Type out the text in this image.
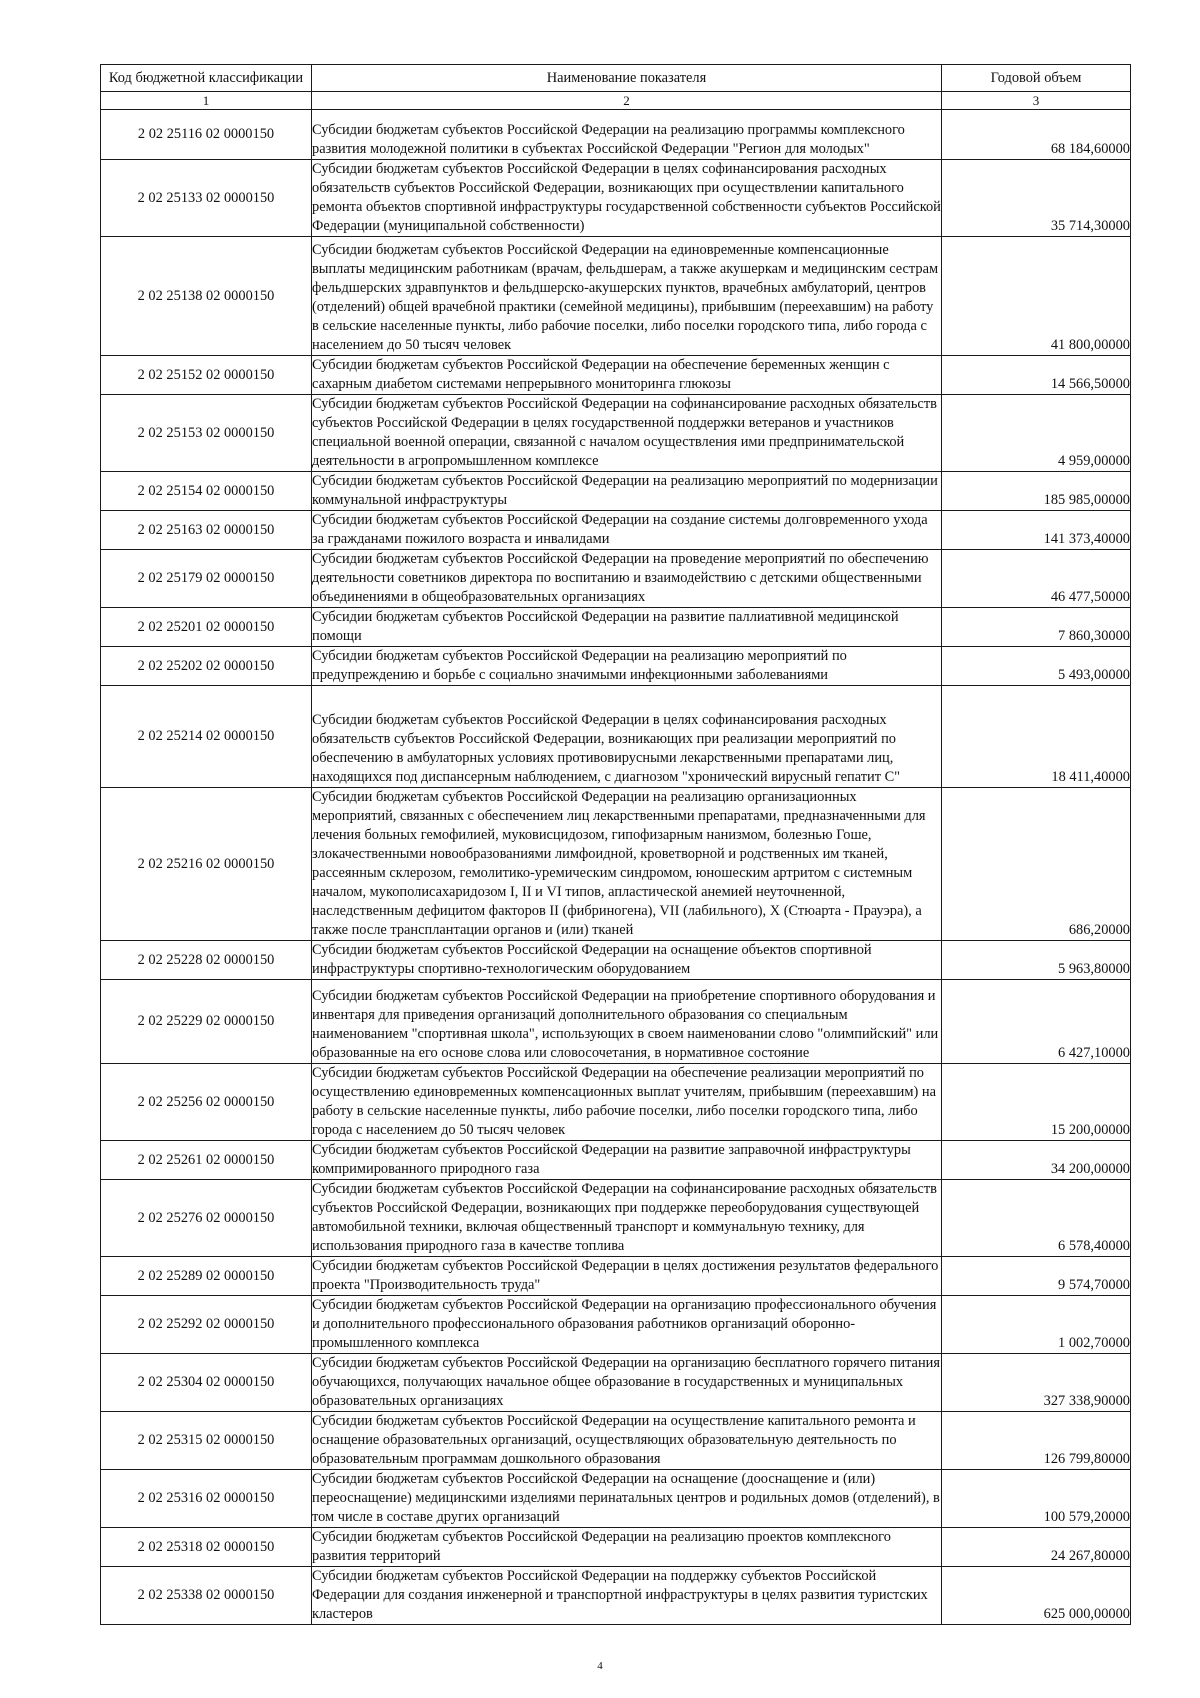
Код бюджетной классификации	Наименование показателя	Годовой объем
1	2	3
2 02 25116 02 0000150	Субсидии бюджетам субъектов Российской Федерации на реализацию программы комплексного развития молодежной политики в субъектах Российской Федерации "Регион для молодых"	68 184,60000
2 02 25133 02 0000150	Субсидии бюджетам субъектов Российской Федерации в целях софинансирования расходных обязательств субъектов Российской Федерации, возникающих при осуществлении капитального ремонта объектов спортивной инфраструктуры государственной собственности субъектов Российской Федерации (муниципальной собственности)	35 714,30000
2 02 25138 02 0000150	Субсидии бюджетам субъектов Российской Федерации на единовременные компенсационные выплаты медицинским работникам (врачам, фельдшерам, а также акушеркам и медицинским сестрам фельдшерских здравпунктов и фельдшерско-акушерских пунктов, врачебных амбулаторий, центров (отделений) общей врачебной практики (семейной медицины), прибывшим (переехавшим) на работу в сельские населенные пункты, либо рабочие поселки, либо поселки городского типа, либо города с населением до 50 тысяч человек	41 800,00000
2 02 25152 02 0000150	Субсидии бюджетам субъектов Российской Федерации на обеспечение беременных женщин с сахарным диабетом системами непрерывного мониторинга глюкозы	14 566,50000
2 02 25153 02 0000150	Субсидии бюджетам субъектов Российской Федерации на софинансирование расходных обязательств субъектов Российской Федерации в целях государственной поддержки ветеранов и участников специальной военной операции, связанной с началом осуществления ими предпринимательской деятельности в агропромышленном комплексе	4 959,00000
2 02 25154 02 0000150	Субсидии бюджетам субъектов Российской Федерации на реализацию мероприятий по модернизации коммунальной инфраструктуры	185 985,00000
2 02 25163 02 0000150	Субсидии бюджетам субъектов Российской Федерации на создание системы долговременного ухода за гражданами пожилого возраста и инвалидами	141 373,40000
2 02 25179 02 0000150	Субсидии бюджетам субъектов Российской Федерации на проведение мероприятий по обеспечению деятельности советников директора по воспитанию и взаимодействию с детскими общественными объединениями в общеобразовательных организациях	46 477,50000
2 02 25201 02 0000150	Субсидии бюджетам субъектов Российской Федерации на развитие паллиативной медицинской помощи	7 860,30000
2 02 25202 02 0000150	Субсидии бюджетам субъектов Российской Федерации на реализацию мероприятий по предупреждению и борьбе с социально значимыми инфекционными заболеваниями	5 493,00000
2 02 25214 02 0000150	Субсидии бюджетам субъектов Российской Федерации в целях софинансирования расходных обязательств субъектов Российской Федерации, возникающих при реализации мероприятий по обеспечению в амбулаторных условиях противовирусными лекарственными препаратами лиц, находящихся под диспансерным наблюдением, с диагнозом "хронический вирусный гепатит С"	18 411,40000
2 02 25216 02 0000150	Субсидии бюджетам субъектов Российской Федерации на реализацию организационных мероприятий, связанных с обеспечением лиц лекарственными препаратами, предназначенными для лечения больных гемофилией, муковисцидозом, гипофизарным нанизмом, болезнью Гоше, злокачественными новообразованиями лимфоидной, кроветворной и родственных им тканей, рассеянным склерозом, гемолитико-уремическим синдромом, юношеским артритом с системным началом, мукополисахаридозом I, II и VI типов, апластической анемией неуточненной, наследственным дефицитом факторов II (фибриногена), VII (лабильного), X (Стюарта - Прауэра), а также после трансплантации органов и (или) тканей	686,20000
2 02 25228 02 0000150	Субсидии бюджетам субъектов Российской Федерации на оснащение объектов спортивной инфраструктуры спортивно-технологическим оборудованием	5 963,80000
2 02 25229 02 0000150	Субсидии бюджетам субъектов Российской Федерации на приобретение спортивного оборудования и инвентаря для приведения организаций дополнительного образования со специальным наименованием "спортивная школа", использующих в своем наименовании слово "олимпийский" или образованные на его основе слова или словосочетания, в нормативное состояние	6 427,10000
2 02 25256 02 0000150	Субсидии бюджетам субъектов Российской Федерации на обеспечение реализации мероприятий по осуществлению единовременных компенсационных выплат учителям, прибывшим (переехавшим) на работу в сельские населенные пункты, либо рабочие поселки, либо поселки городского типа, либо города с населением до 50 тысяч человек	15 200,00000
2 02 25261 02 0000150	Субсидии бюджетам субъектов Российской Федерации на развитие заправочной инфраструктуры компримированного природного газа	34 200,00000
2 02 25276 02 0000150	Субсидии бюджетам субъектов Российской Федерации на софинансирование расходных обязательств субъектов Российской Федерации, возникающих при поддержке переоборудования существующей автомобильной техники, включая общественный транспорт и коммунальную технику, для использования природного газа в качестве топлива	6 578,40000
2 02 25289 02 0000150	Субсидии бюджетам субъектов Российской Федерации в целях достижения результатов федерального проекта "Производительность труда"	9 574,70000
2 02 25292 02 0000150	Субсидии бюджетам субъектов Российской Федерации на организацию профессионального обучения и дополнительного профессионального образования работников организаций оборонно-промышленного комплекса	1 002,70000
2 02 25304 02 0000150	Субсидии бюджетам субъектов Российской Федерации на организацию бесплатного горячего питания обучающихся, получающих начальное общее образование в государственных и муниципальных образовательных организациях	327 338,90000
2 02 25315 02 0000150	Субсидии бюджетам субъектов Российской Федерации на осуществление капитального ремонта и оснащение образовательных организаций, осуществляющих образовательную деятельность по образовательным программам дошкольного образования	126 799,80000
2 02 25316 02 0000150	Субсидии бюджетам субъектов Российской Федерации на оснащение (дооснащение и (или) переоснащение) медицинскими изделиями перинатальных центров и родильных домов (отделений), в том числе в составе других организаций	100 579,20000
2 02 25318 02 0000150	Субсидии бюджетам субъектов Российской Федерации на реализацию проектов комплексного развития территорий	24 267,80000
2 02 25338 02 0000150	Субсидии бюджетам субъектов Российской Федерации на поддержку субъектов Российской Федерации для создания инженерной и транспортной инфраструктуры в целях развития туристских кластеров	625 000,00000
4
